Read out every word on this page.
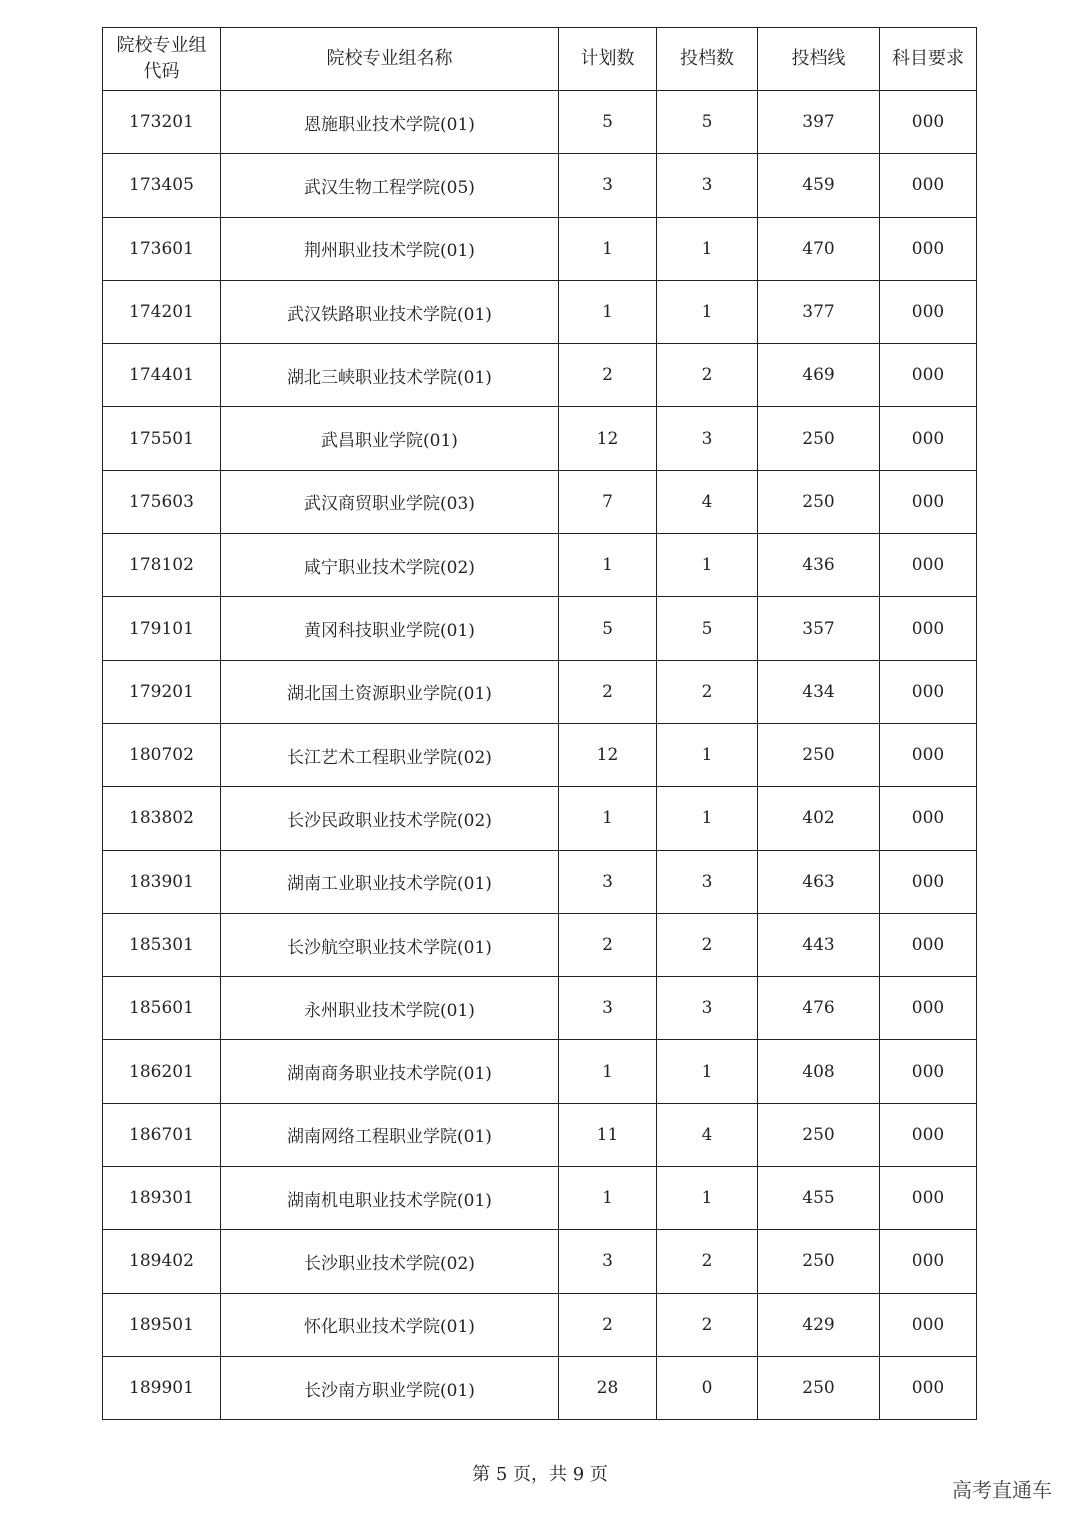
院校专业组代码	院校专业组名称	计划数	投档数	投档线	科目要求
173201	恩施职业技术学院(01)	5	5	397	000
173405	武汉生物工程学院(05)	3	3	459	000
173601	荆州职业技术学院(01)	1	1	470	000
174201	武汉铁路职业技术学院(01)	1	1	377	000
174401	湖北三峡职业技术学院(01)	2	2	469	000
175501	武昌职业学院(01)	12	3	250	000
175603	武汉商贸职业学院(03)	7	4	250	000
178102	咸宁职业技术学院(02)	1	1	436	000
179101	黄冈科技职业学院(01)	5	5	357	000
179201	湖北国土资源职业学院(01)	2	2	434	000
180702	长江艺术工程职业学院(02)	12	1	250	000
183802	长沙民政职业技术学院(02)	1	1	402	000
183901	湖南工业职业技术学院(01)	3	3	463	000
185301	长沙航空职业技术学院(01)	2	2	443	000
185601	永州职业技术学院(01)	3	3	476	000
186201	湖南商务职业技术学院(01)	1	1	408	000
186701	湖南网络工程职业学院(01)	11	4	250	000
189301	湖南机电职业技术学院(01)	1	1	455	000
189402	长沙职业技术学院(02)	3	2	250	000
189501	怀化职业技术学院(01)	2	2	429	000
189901	长沙南方职业学院(01)	28	0	250	000
第 5 页，共 9 页
高考直通车
